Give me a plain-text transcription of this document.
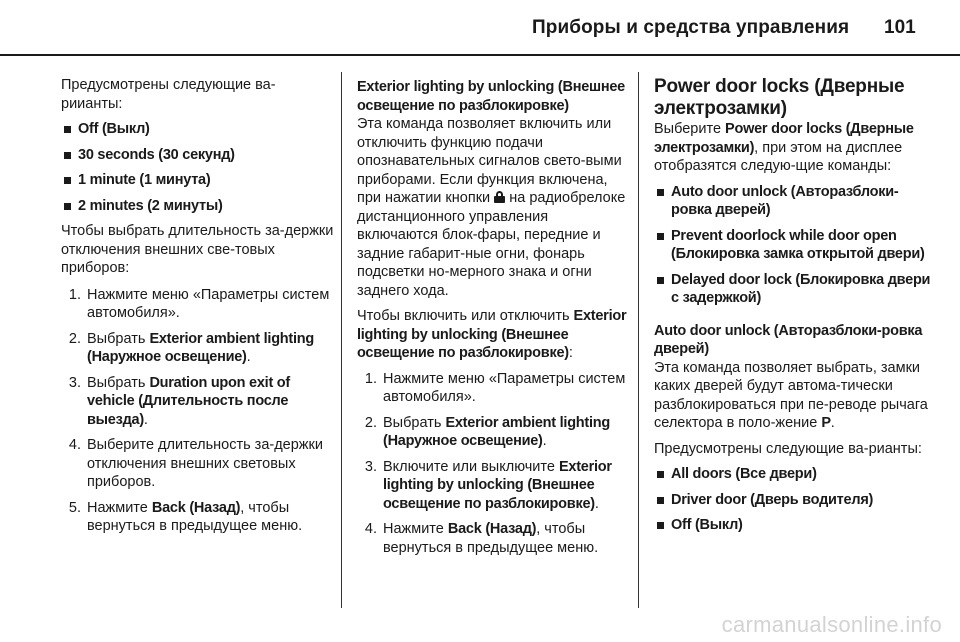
Приборы и средства управления 101

Предусмотрены следующие ва-риианты:

Off (Выкл)
30 seconds (30 секунд)
1 minute (1 минута)
2 minutes (2 минуты)

Чтобы выбрать длительность за-держки отключения внешних све-товых приборов:

1. Нажмите меню «Параметры систем автомобиля».
2. Выбрать Exterior ambient lighting (Наружное освещение).
3. Выбрать Duration upon exit of vehicle (Длительность после выезда).
4. Выберите длительность за-держки отключения внешних световых приборов.
5. Нажмите Back (Назад), чтобы вернуться в предыдущее меню.
Exterior lighting by unlocking (Внешнее освещение по разблокировке)

Эта команда позволяет включить или отключить функцию подачи опознавательных сигналов свето-выми приборами. Если функция включена, при нажатии кнопки на радиобрелоке дистанционного управления включаются блок-фары, передние и задние габарит-ные огни, фонарь подсветки но-мерного знака и огни заднего хода.

Чтобы включить или отключить Exterior lighting by unlocking (Внешнее освещение по разблокировке):

1. Нажмите меню «Параметры систем автомобиля».
2. Выбрать Exterior ambient lighting (Наружное освещение).
3. Включите или выключите Exterior lighting by unlocking (Внешнее освещение по разблокировке).
4. Нажмите Back (Назад), чтобы вернуться в предыдущее меню.
Power door locks (Дверные электрозамки)

Выберите Power door locks (Дверные электрозамки), при этом на дисплее отобразятся следую-щие команды:

Auto door unlock (Автоpазблоки-ровка дверей)
Prevent doorlock while door open (Блокировка замка открытой двери)
Delayed door lock (Блокировка двери с задержкой)
Auto door unlock (Автоpазблоки-ровка дверей)

Эта команда позволяет выбрать, замки каких дверей будут автома-тически разблокироваться при пе-реводе рычага селектора в поло-жение P.

Предусмотрены следующие ва-рианты:

All doors (Все двери)
Driver door (Дверь водителя)
Off (Выкл)
carmanualsonline.info
